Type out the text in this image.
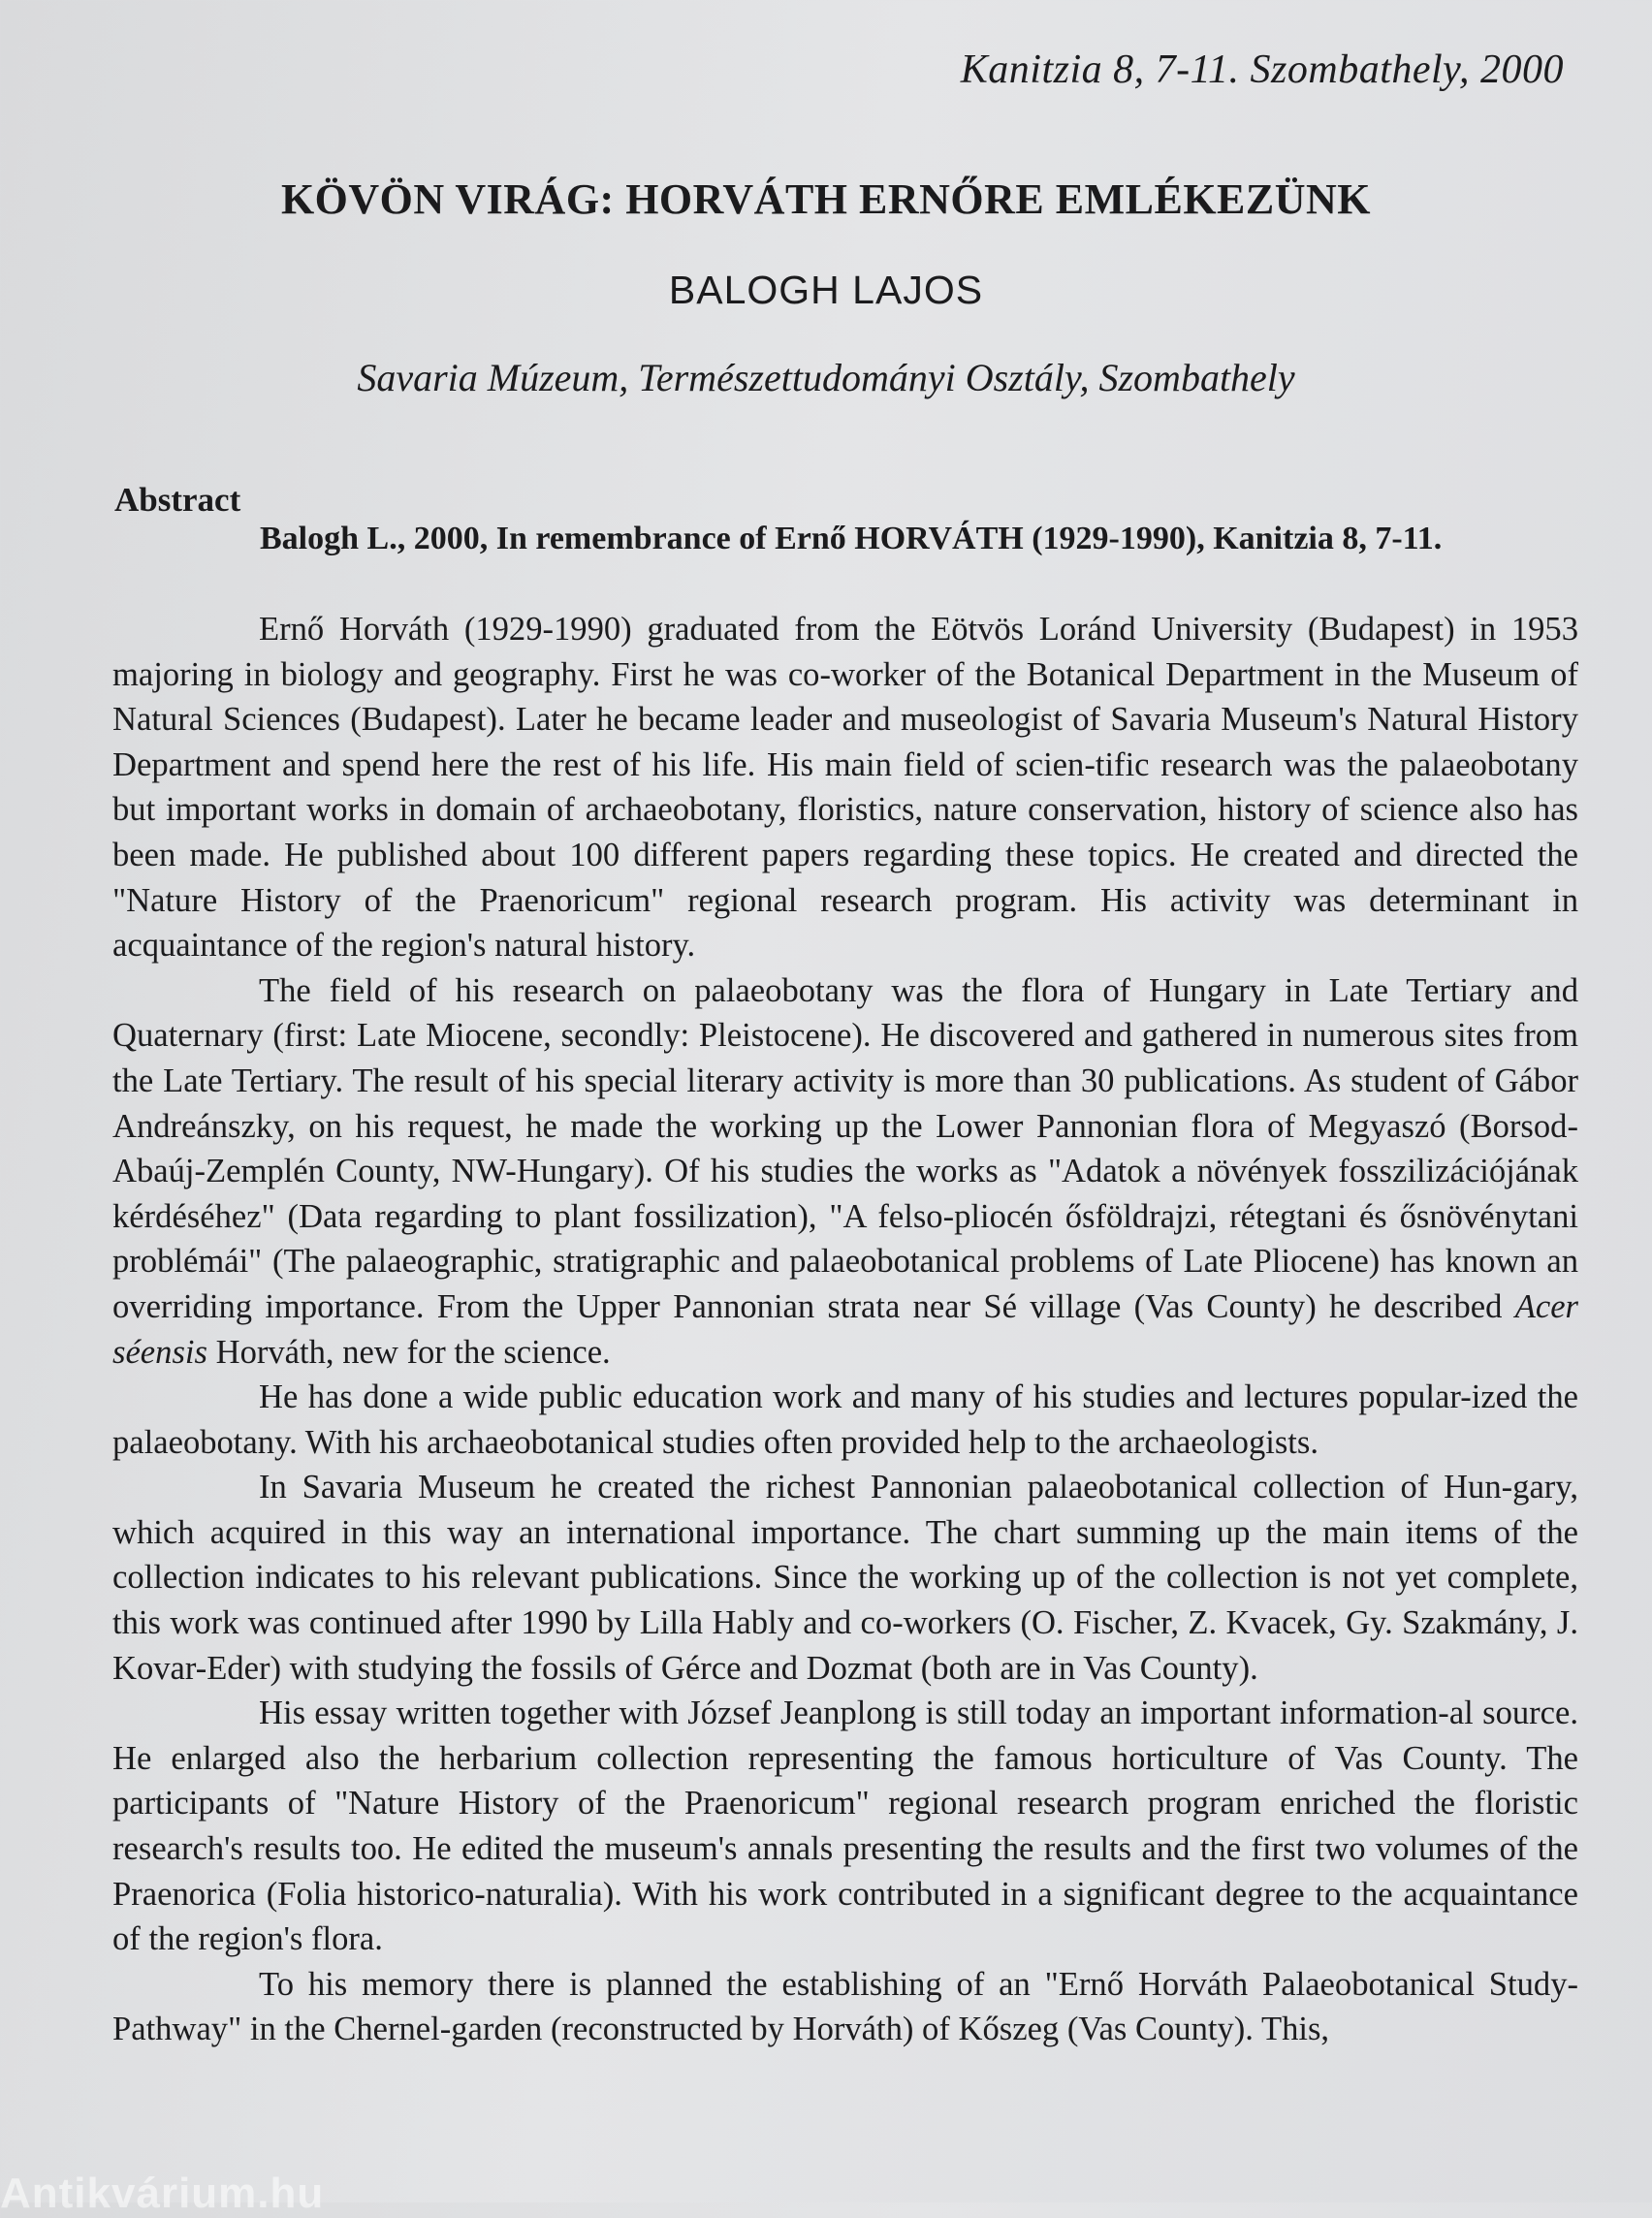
Kanitzia 8, 7-11. Szombathely, 2000
KÖVÖN VIRÁG: HORVÁTH ERNŐRE EMLÉKEZÜNK
BALOGH LAJOS
Savaria Múzeum, Természettudományi Osztály, Szombathely
Abstract
Balogh L., 2000, In remembrance of Ernő HORVÁTH (1929-1990), Kanitzia 8, 7-11.

Ernő Horváth (1929-1990) graduated from the Eötvös Loránd University (Budapest) in 1953 majoring in biology and geography. First he was co-worker of the Botanical Department in the Museum of Natural Sciences (Budapest). Later he became leader and museologist of Savaria Museum's Natural History Department and spend here the rest of his life. His main field of scien-tific research was the palaeobotany but important works in domain of archaeobotany, floristics, nature conservation, history of science also has been made. He published about 100 different papers regarding these topics. He created and directed the "Nature History of the Praenoricum" regional research program. His activity was determinant in acquaintance of the region's natural history.

The field of his research on palaeobotany was the flora of Hungary in Late Tertiary and Quaternary (first: Late Miocene, secondly: Pleistocene). He discovered and gathered in numerous sites from the Late Tertiary. The result of his special literary activity is more than 30 publications. As student of Gábor Andreánszky, on his request, he made the working up the Lower Pannonian flora of Megyaszó (Borsod-Abaúj-Zemplén County, NW-Hungary). Of his studies the works as "Adatok a növények fosszilizációjának kérdéséhez" (Data regarding to plant fossilization), "A felso-pliocén ősföldrajzi, rétegtani és ősnövénytani problémái" (The palaeographic, stratigraphic and palaeobotanical problems of Late Pliocene) has known an overriding importance. From the Upper Pannonian strata near Sé village (Vas County) he described Acer séensis Horváth, new for the science.

He has done a wide public education work and many of his studies and lectures popular-ized the palaeobotany. With his archaeobotanical studies often provided help to the archaeologists.

In Savaria Museum he created the richest Pannonian palaeobotanical collection of Hun-gary, which acquired in this way an international importance. The chart summing up the main items of the collection indicates to his relevant publications. Since the working up of the collection is not yet complete, this work was continued after 1990 by Lilla Hably and co-workers (O. Fischer, Z. Kvacek, Gy. Szakmány, J. Kovar-Eder) with studying the fossils of Gérce and Dozmat (both are in Vas County).

His essay written together with József Jeanplong is still today an important information-al source. He enlarged also the herbarium collection representing the famous horticulture of Vas County. The participants of "Nature History of the Praenoricum" regional research program enriched the floristic research's results too. He edited the museum's annals presenting the results and the first two volumes of the Praenorica (Folia historico-naturalia). With his work contributed in a significant degree to the acquaintance of the region's flora.

To his memory there is planned the establishing of an "Ernő Horváth Palaeobotanical Study-Pathway" in the Chernel-garden (reconstructed by Horváth) of Kőszeg (Vas County). This,

Antikvárium.hu
